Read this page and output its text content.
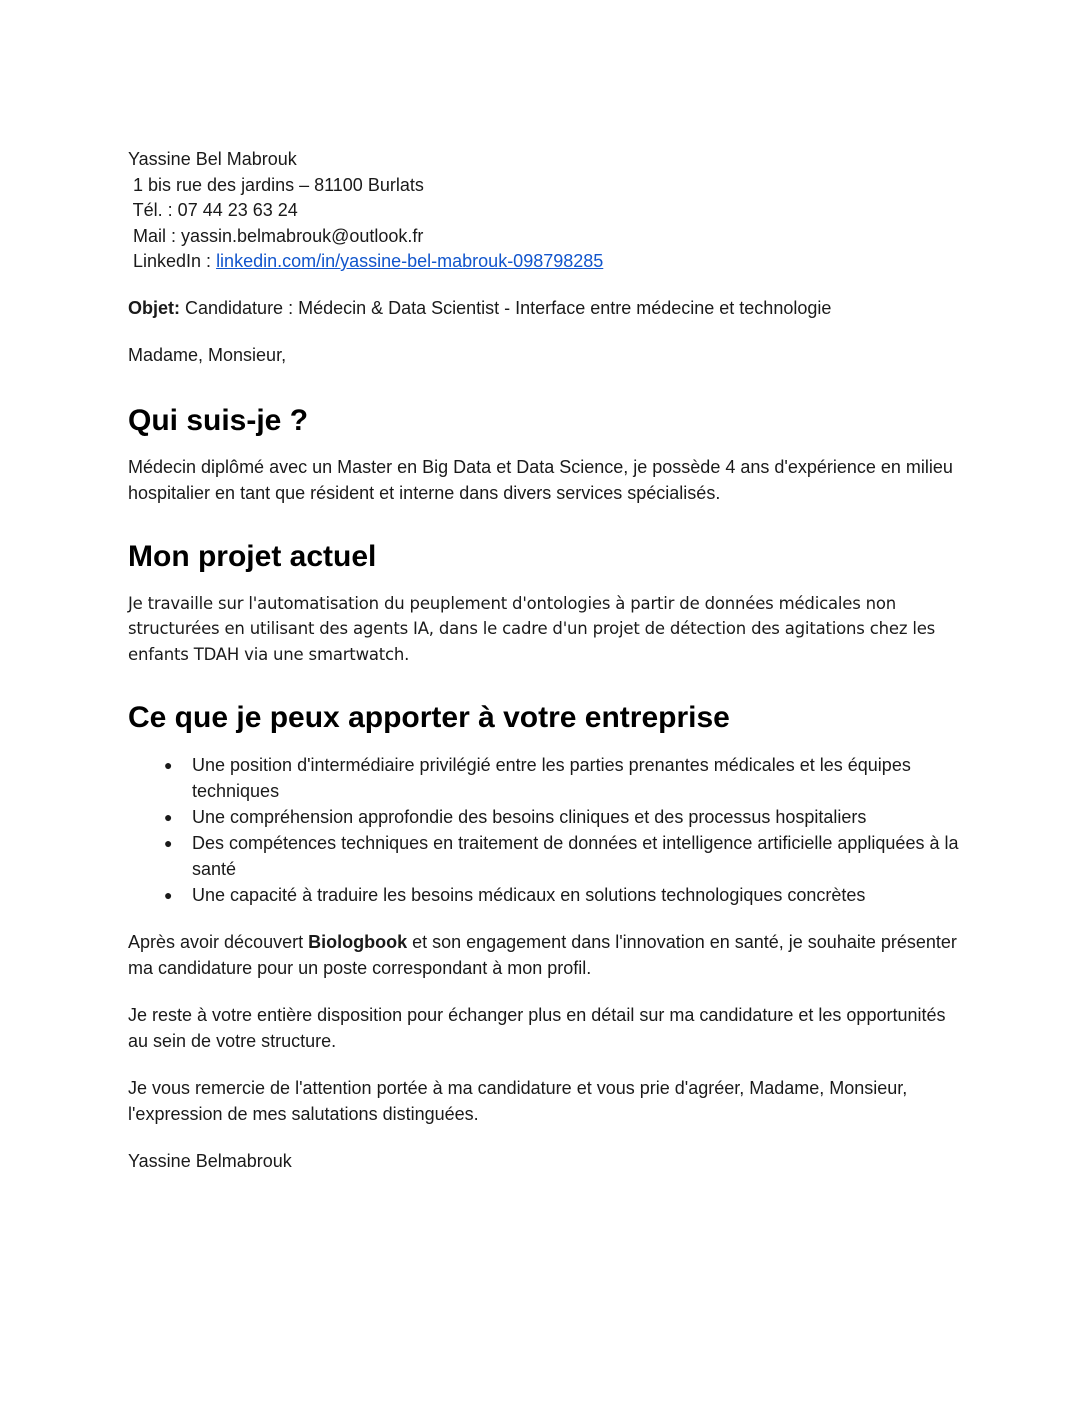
Yassine Bel Mabrouk
1 bis rue des jardins – 81100 Burlats
Tél. : 07 44 23 63 24
Mail : yassin.belmabrouk@outlook.fr
LinkedIn : linkedin.com/in/yassine-bel-mabrouk-098798285

Objet: Candidature : Médecin & Data Scientist - Interface entre médecine et technologie

Madame, Monsieur,

Qui suis-je ?

Médecin diplômé avec un Master en Big Data et Data Science, je possède 4 ans d'expérience en milieu hospitalier en tant que résident et interne dans divers services spécialisés.

Mon projet actuel

Je travaille sur l'automatisation du peuplement d'ontologies à partir de données médicales non structurées en utilisant des agents IA, dans le cadre d'un projet de détection des agitations chez les enfants TDAH via une smartwatch.

Ce que je peux apporter à votre entreprise
● Une position d'intermédiaire privilégié entre les parties prenantes médicales et les équipes techniques
● Une compréhension approfondie des besoins cliniques et des processus hospitaliers
● Des compétences techniques en traitement de données et intelligence artificielle appliquées à la santé
● Une capacité à traduire les besoins médicaux en solutions technologiques concrètes

Après avoir découvert Biologbook et son engagement dans l'innovation en santé, je souhaite présenter ma candidature pour un poste correspondant à mon profil.

Je reste à votre entière disposition pour échanger plus en détail sur ma candidature et les opportunités au sein de votre structure.

Je vous remercie de l'attention portée à ma candidature et vous prie d'agréer, Madame, Monsieur, l'expression de mes salutations distinguées.

Yassine Belmabrouk
